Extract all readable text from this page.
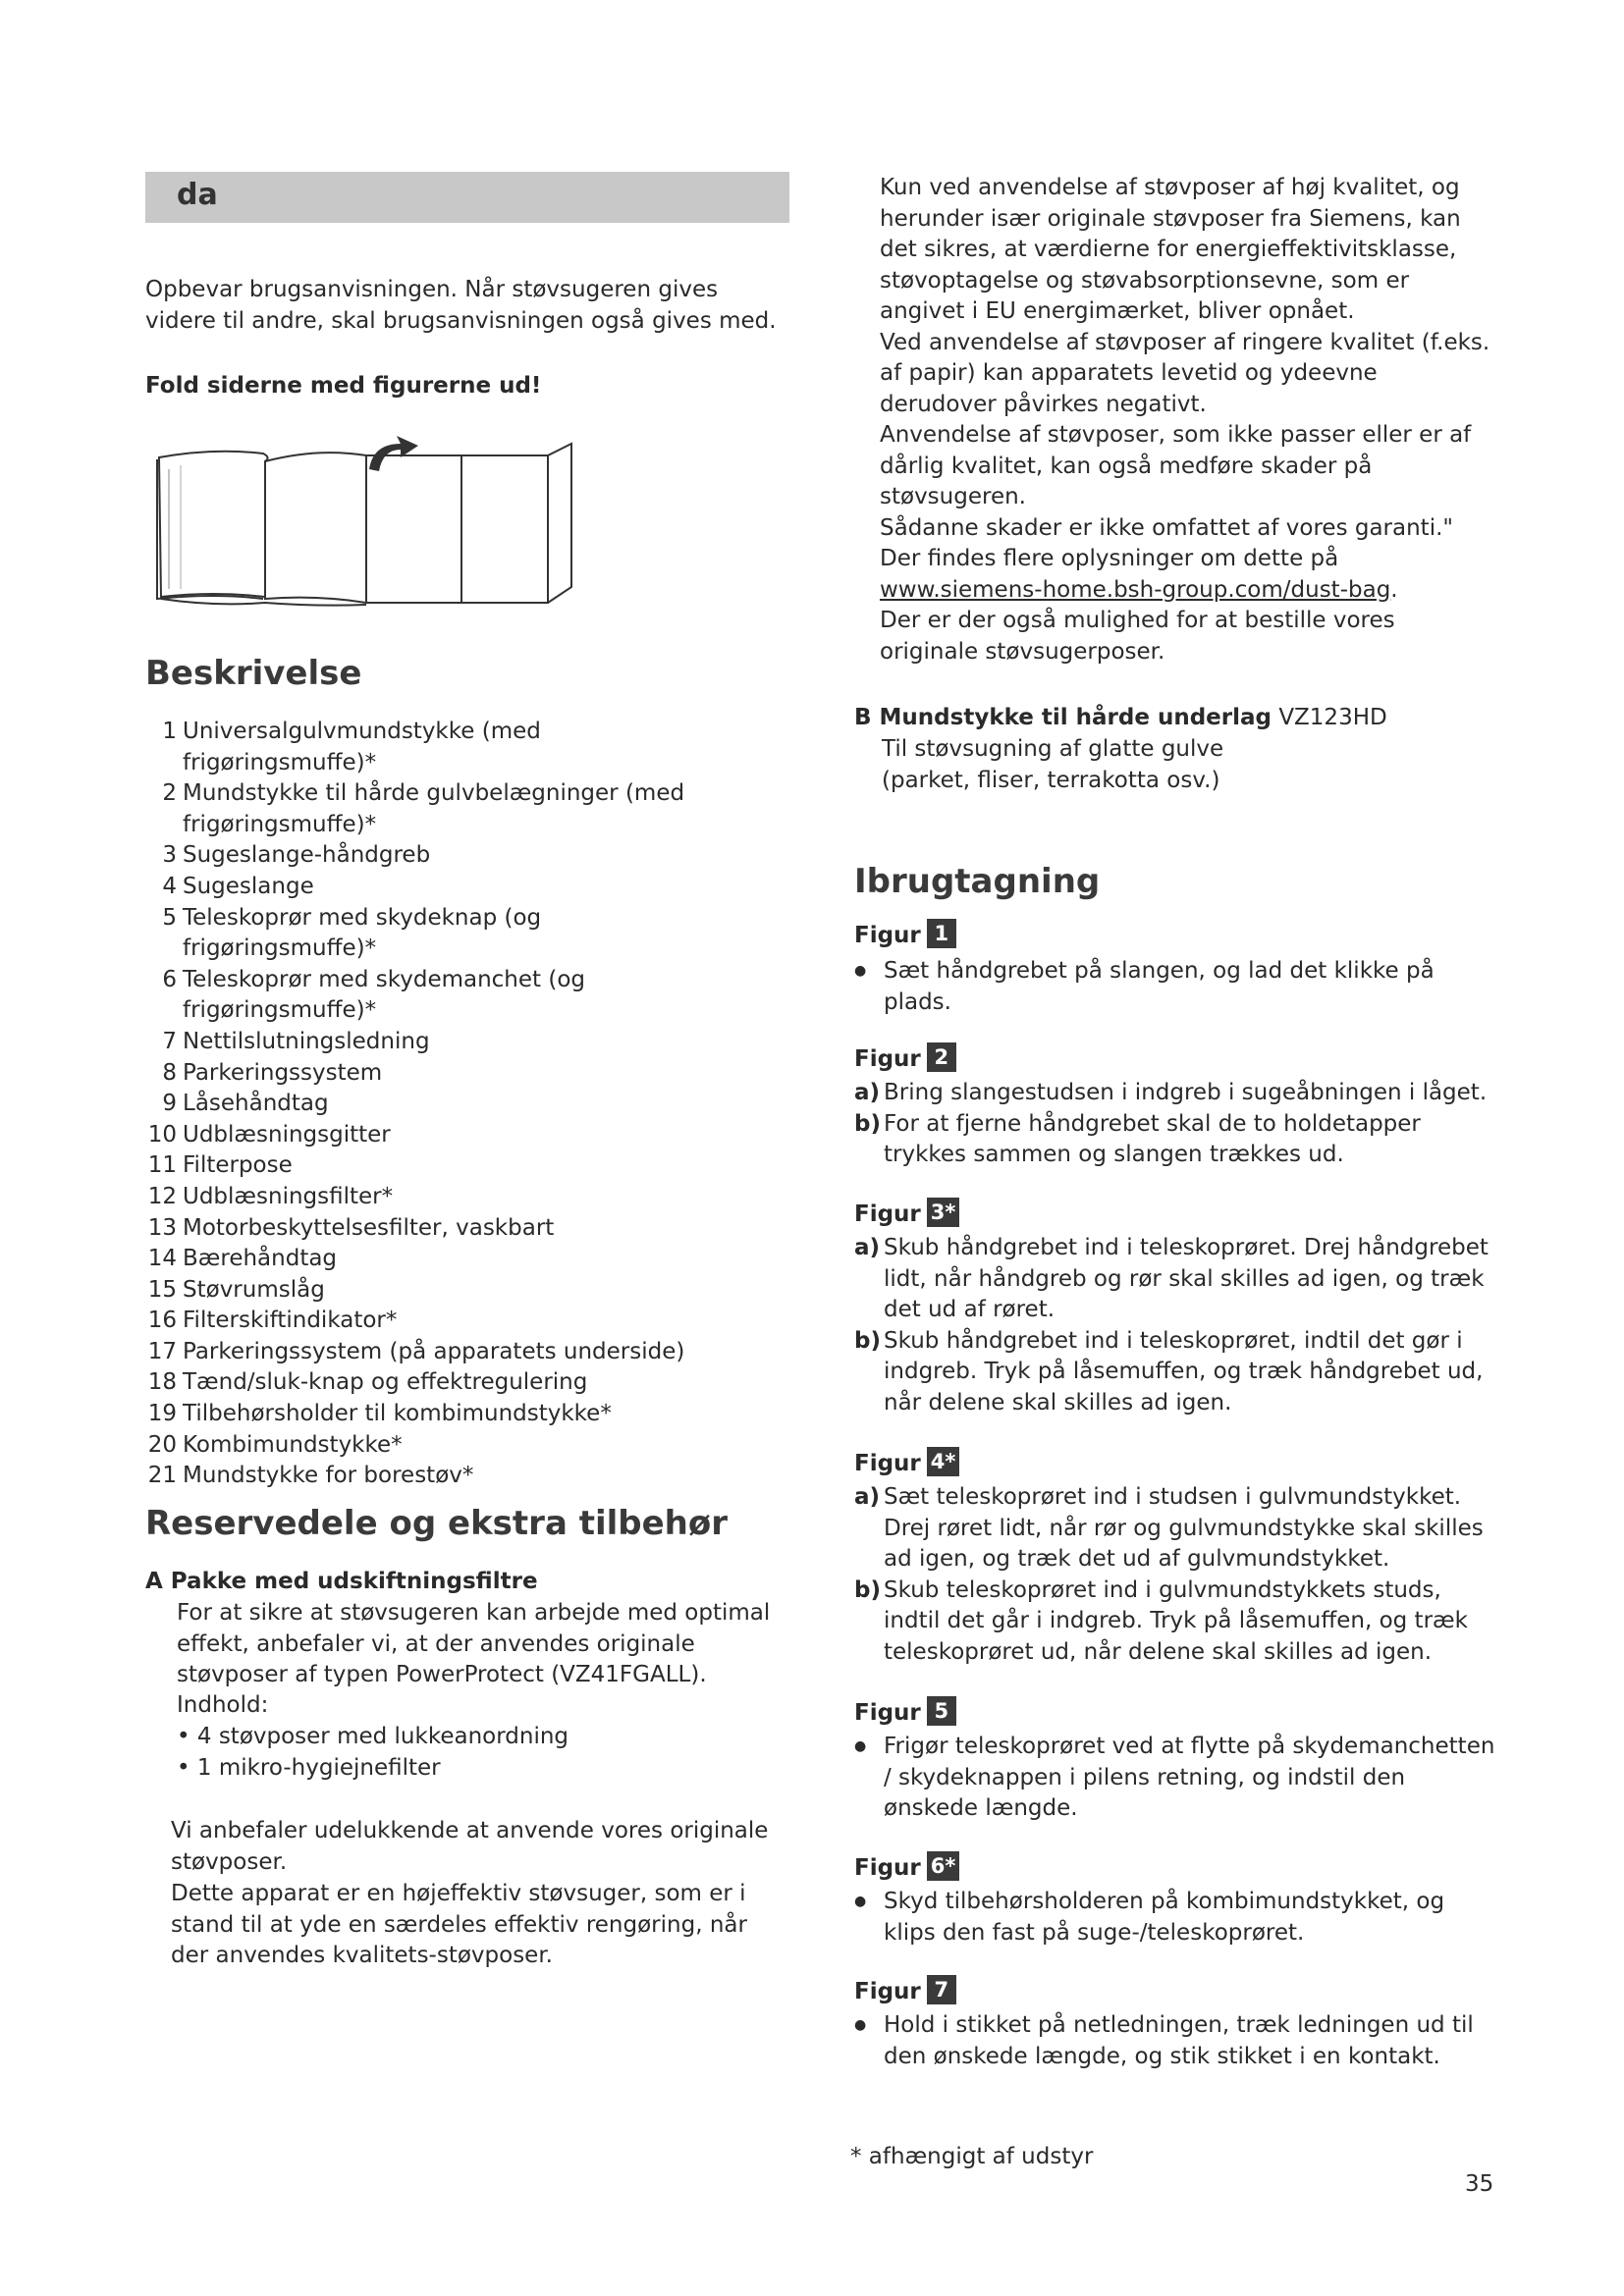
da

Opbevar brugsanvisningen. Når støvsugeren gives videre til andre, skal brugsanvisningen også gives med.

Fold siderne med figurerne ud!

Beskrivelse
1 Universalgulvmundstykke (med frigøringsmuffe)*
2 Mundstykke til hårde gulvbelægninger (med frigøringsmuffe)*
3 Sugeslange-håndgreb
4 Sugeslange
5 Teleskoprør med skydeknap (og frigøringsmuffe)*
6 Teleskoprør med skydemanchet (og frigøringsmuffe)*
7 Nettilslutningsledning
8 Parkeringssystem
9 Låsehåndtag
10 Udblæsningsgitter
11 Filterpose
12 Udblæsningsfilter*
13 Motorbeskyttelsesfilter, vaskbart
14 Bærehåndtag
15 Støvrumslåg
16 Filterskiftindikator*
17 Parkeringssystem (på apparatets underside)
18 Tænd/sluk-knap og effektregulering
19 Tilbehørsholder til kombimundstykke*
20 Kombimundstykke*
21 Mundstykke for borestøv*
Reservedele og ekstra tilbehør

A Pakke med udskiftningsfiltre

For at sikre at støvsugeren kan arbejde med optimal effekt, anbefaler vi, at der anvendes originale støvposer af typen PowerProtect (VZ41FGALL).

Indhold:

• 4 støvposer med lukkeanordning

• 1 mikro-hygiejnefilter

Vi anbefaler udelukkende at anvende vores originale støvposer.

Dette apparat er en højeffektiv støvsuger, som er i stand til at yde en særdeles effektiv rengøring, når der anvendes kvalitets-støvposer.

Kun ved anvendelse af støvposer af høj kvalitet, og herunder især originale støvposer fra Siemens, kan det sikres, at værdierne for energieffektivitsklasse, støvoptagelse og støvabsorptionsevne, som er angivet i EU energimærket, bliver opnået.

Ved anvendelse af støvposer af ringere kvalitet (f.eks. af papir) kan apparatets levetid og ydeevne derudover påvirkes negativt.

Anvendelse af støvposer, som ikke passer eller er af dårlig kvalitet, kan også medføre skader på støvsugeren.

Sådanne skader er ikke omfattet af vores garanti."

Der findes flere oplysninger om dette på

www.siemens-home.bsh-group.com/dust-bag.

Der er der også mulighed for at bestille vores originale støvsugerposer.

B Mundstykke til hårde underlag VZ123HD

Til støvsugning af glatte gulve (parket, fliser, terrakotta osv.)

Ibrugtagning
Figur 1
● Sæt håndgrebet på slangen, og lad det klikke på plads.
Figur 2
a) Bring slangestudsen i indgreb i sugeåbningen i låget.
b) For at fjerne håndgrebet skal de to holdetapper trykkes sammen og slangen trækkes ud.
Figur 3*
a) Skub håndgrebet ind i teleskoprøret. Drej håndgrebet lidt, når håndgreb og rør skal skilles ad igen, og træk det ud af røret.
b) Skub håndgrebet ind i teleskoprøret, indtil det gør i indgreb. Tryk på låsemuffen, og træk håndgrebet ud, når delene skal skilles ad igen.
Figur 4*
a) Sæt teleskoprøret ind i studsen i gulvmundstykket. Drej røret lidt, når rør og gulvmundstykke skal skilles ad igen, og træk det ud af gulvmundstykket.
b) Skub teleskoprøret ind i gulvmundstykkets studs, indtil det går i indgreb. Tryk på låsemuffen, og træk teleskoprøret ud, når delene skal skilles ad igen.
Figur 5
● Frigør teleskoprøret ved at flytte på skydemanchetten / skydeknappen i pilens retning, og indstil den ønskede længde.
Figur 6*
● Skyd tilbehørsholderen på kombimundstykket, og klips den fast på suge-/teleskoprøret.
Figur 7
● Hold i stikket på netledningen, træk ledningen ud til den ønskede længde, og stik stikket i en kontakt.

* afhængigt af udstyr

35
